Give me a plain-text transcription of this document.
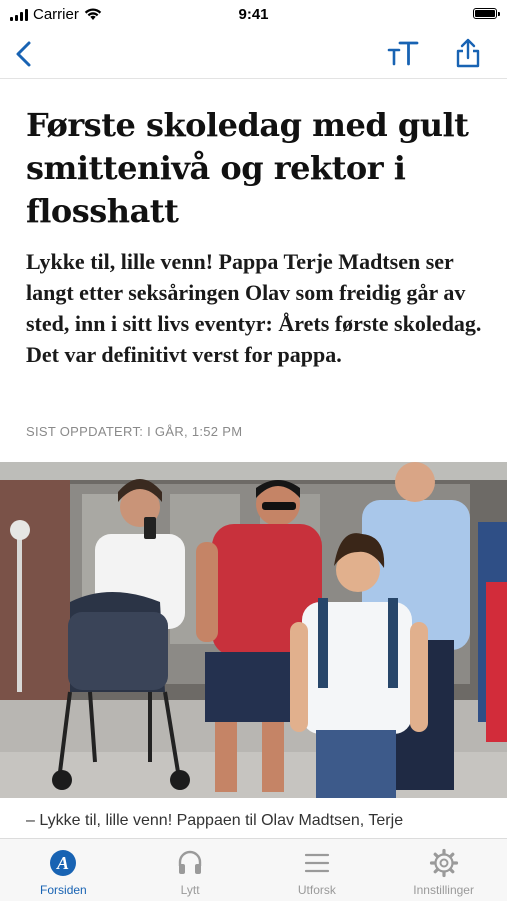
Carrier	9:41
Første skoledag med gult smittenivå og rektor i flosshatt

Lykke til, lille venn! Pappa Terje Madtsen ser langt etter seksåringen Olav som freidig går av sted, inn i sitt livs eventyr: Årets første skoledag. Det var definitivt verst for pappa.

SIST OPPDATERT: I GÅR, 1:52 PM

– Lykke til, lille venn! Pappaen til Olav Madtsen, Terje

A
Forsiden	Lytt	Utforsk	Innstillinger
